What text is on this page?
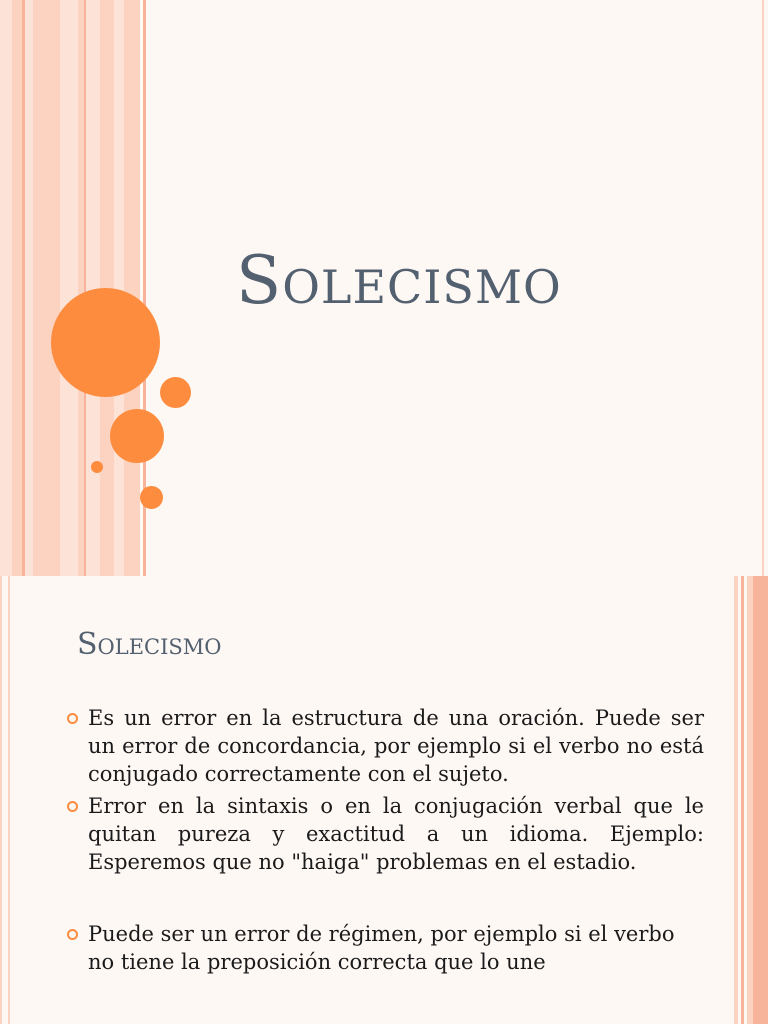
Solecismo
Solecismo
Es un error en la estructura de una oración. Puede ser un error de concordancia, por ejemplo si el verbo no está conjugado correctamente con el sujeto.
Error en la sintaxis o en la conjugación verbal que le quitan pureza y exactitud a un idioma. Ejemplo: Esperemos que no "haiga" problemas en el estadio.
Puede ser un error de régimen, por ejemplo si el verbo no tiene la preposición correcta que lo une
